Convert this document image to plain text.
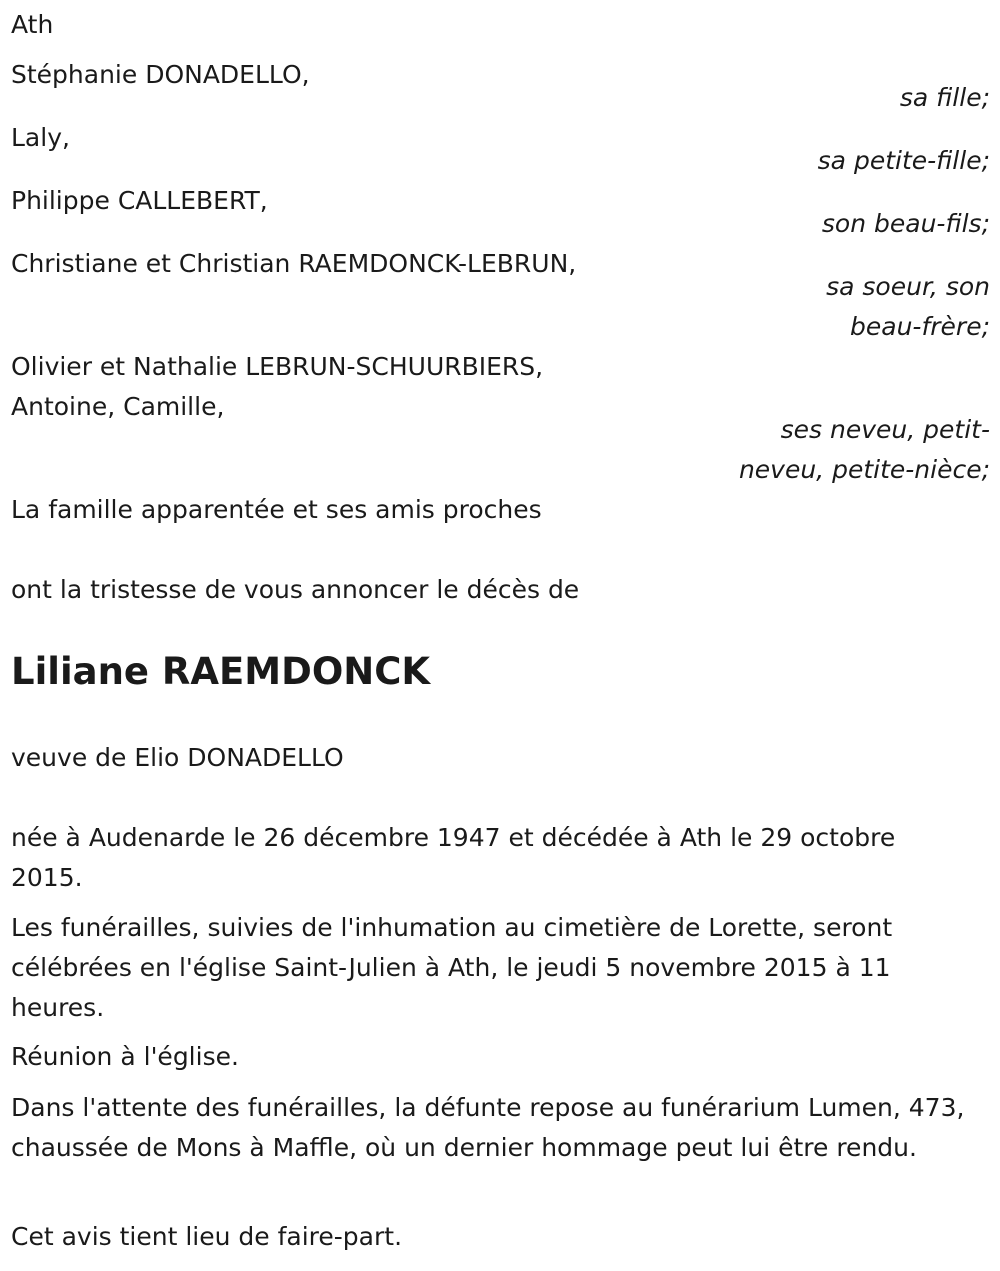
Ath
Stéphanie DONADELLO,
sa fille;
Laly,
sa petite-fille;
Philippe CALLEBERT,
son beau-fils;
Christiane et Christian RAEMDONCK-LEBRUN,
sa soeur, son
beau-frère;
Olivier et Nathalie LEBRUN-SCHUURBIERS,
Antoine, Camille,
ses neveu, petit-
neveu, petite-nièce;
La famille apparentée et ses amis proches
ont la tristesse de vous annoncer le décès de
Liliane RAEMDONCK
veuve de Elio DONADELLO
née à Audenarde le 26 décembre 1947 et décédée à Ath le 29 octobre 2015.
Les funérailles, suivies de l'inhumation au cimetière de Lorette, seront célébrées en l'église Saint-Julien à Ath, le jeudi 5 novembre 2015 à 11 heures.
Réunion à l'église.
Dans l'attente des funérailles, la défunte repose au funérarium Lumen, 473, chaussée de Mons à Maffle, où un dernier hommage peut lui être rendu.
Cet avis tient lieu de faire-part.
